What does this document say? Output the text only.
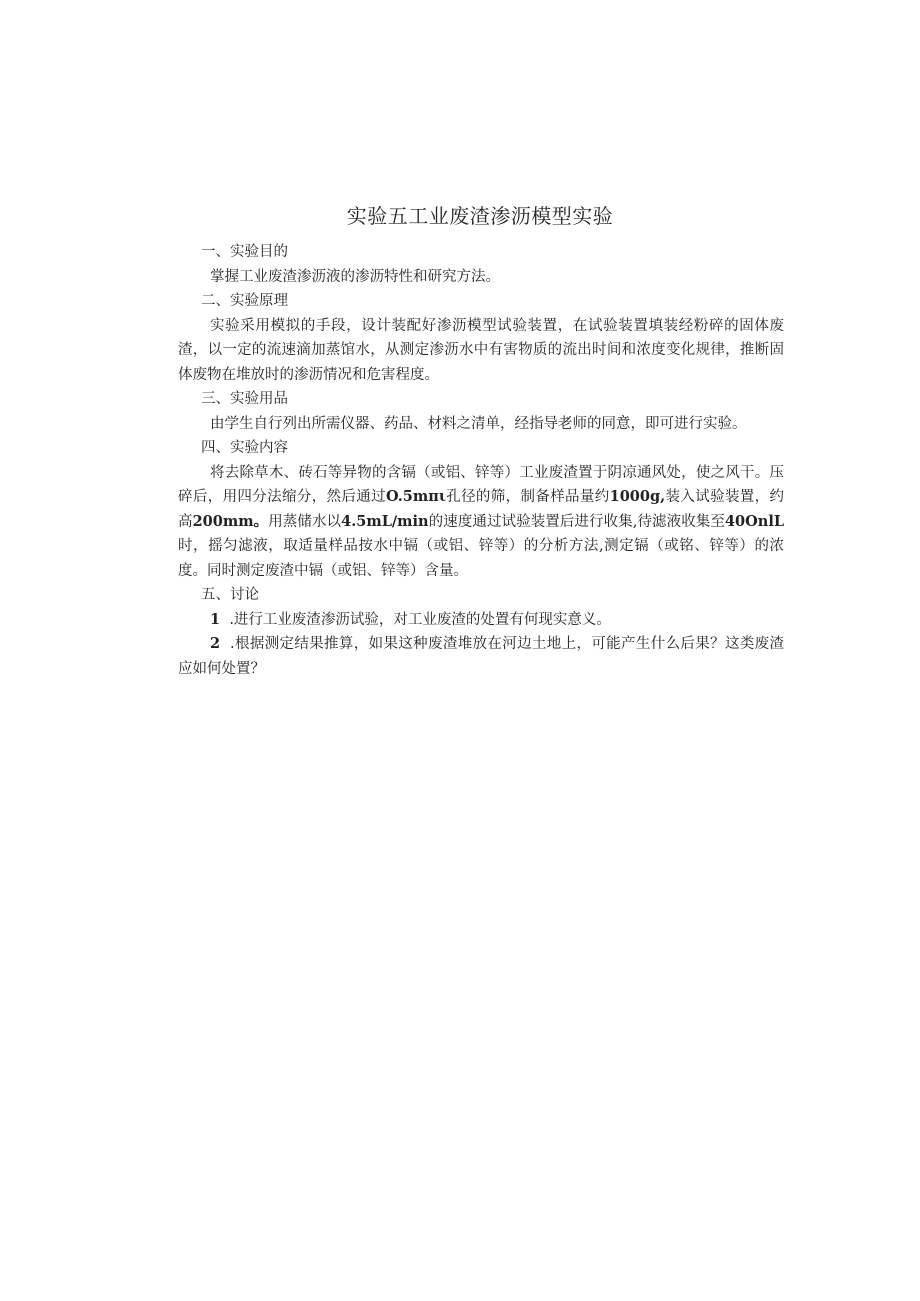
实验五工业废渣渗沥模型实验

一、实验目的

掌握工业废渣渗沥液的渗沥特性和研究方法。

二、实验原理

实验采用模拟的手段，设计装配好渗沥模型试验装置，在试验装置填装经粉碎的固体废渣，以一定的流速滴加蒸馆水，从测定渗沥水中有害物质的流出时间和浓度变化规律，推断固体废物在堆放时的渗沥情况和危害程度。

三、实验用品

由学生自行列出所需仪器、药品、材料之清单，经指导老师的同意，即可进行实验。

四、实验内容

将去除草木、砖石等异物的含镉（或铝、锌等）工业废渣置于阴凉通风处，使之风干。压碎后，用四分法缩分，然后通过O.5mπι孔径的筛，制备样品量约1000g,装入试验装置，约高200mm。用蒸储水以4.5mL∕min的速度通过试验装置后进行收集,待滤液收集至40OnlL时，摇匀滤液，取适量样品按水中镉（或铝、锌等）的分析方法,测定镉（或铭、锌等）的浓度。同时测定废渣中镉（或铝、锌等）含量。

五、讨论

1 .进行工业废渣渗沥试验，对工业废渣的处置有何现实意义。

2 .根据测定结果推算，如果这种废渣堆放在河边土地上，可能产生什么后果？这类废渣应如何处置？
